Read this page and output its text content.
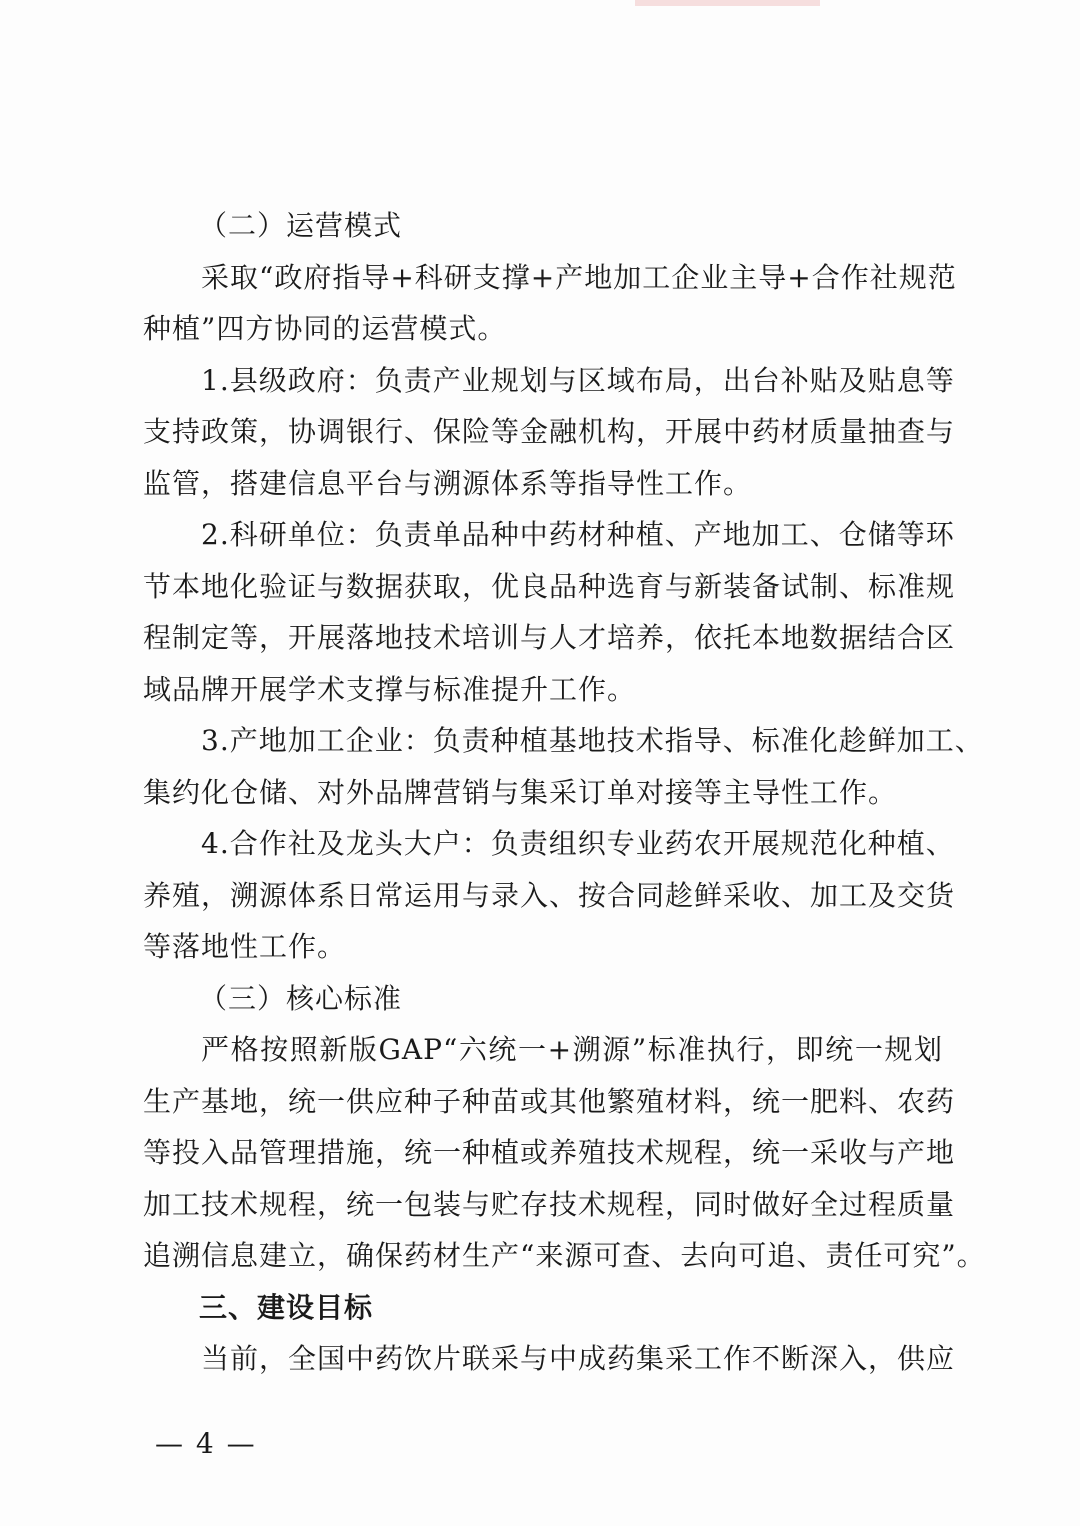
（二）运营模式
采取“政府指导+科研支撑+产地加工企业主导+合作社规范
种植”四方协同的运营模式。
1.县级政府：负责产业规划与区域布局，出台补贴及贴息等
支持政策，协调银行、保险等金融机构，开展中药材质量抽查与
监管，搭建信息平台与溯源体系等指导性工作。
2.科研单位：负责单品种中药材种植、产地加工、仓储等环
节本地化验证与数据获取，优良品种选育与新装备试制、标准规
程制定等，开展落地技术培训与人才培养，依托本地数据结合区
域品牌开展学术支撑与标准提升工作。
3.产地加工企业：负责种植基地技术指导、标准化趁鲜加工、
集约化仓储、对外品牌营销与集采订单对接等主导性工作。
4.合作社及龙头大户：负责组织专业药农开展规范化种植、
养殖，溯源体系日常运用与录入、按合同趁鲜采收、加工及交货
等落地性工作。
（三）核心标准
严格按照新版GAP“六统一+溯源”标准执行，即统一规划
生产基地，统一供应种子种苗或其他繁殖材料，统一肥料、农药
等投入品管理措施，统一种植或养殖技术规程，统一采收与产地
加工技术规程，统一包装与贮存技术规程，同时做好全过程质量
追溯信息建立，确保药材生产“来源可查、去向可追、责任可究”。
三、建设目标
当前，全国中药饮片联采与中成药集采工作不断深入，供应
— 4 —
